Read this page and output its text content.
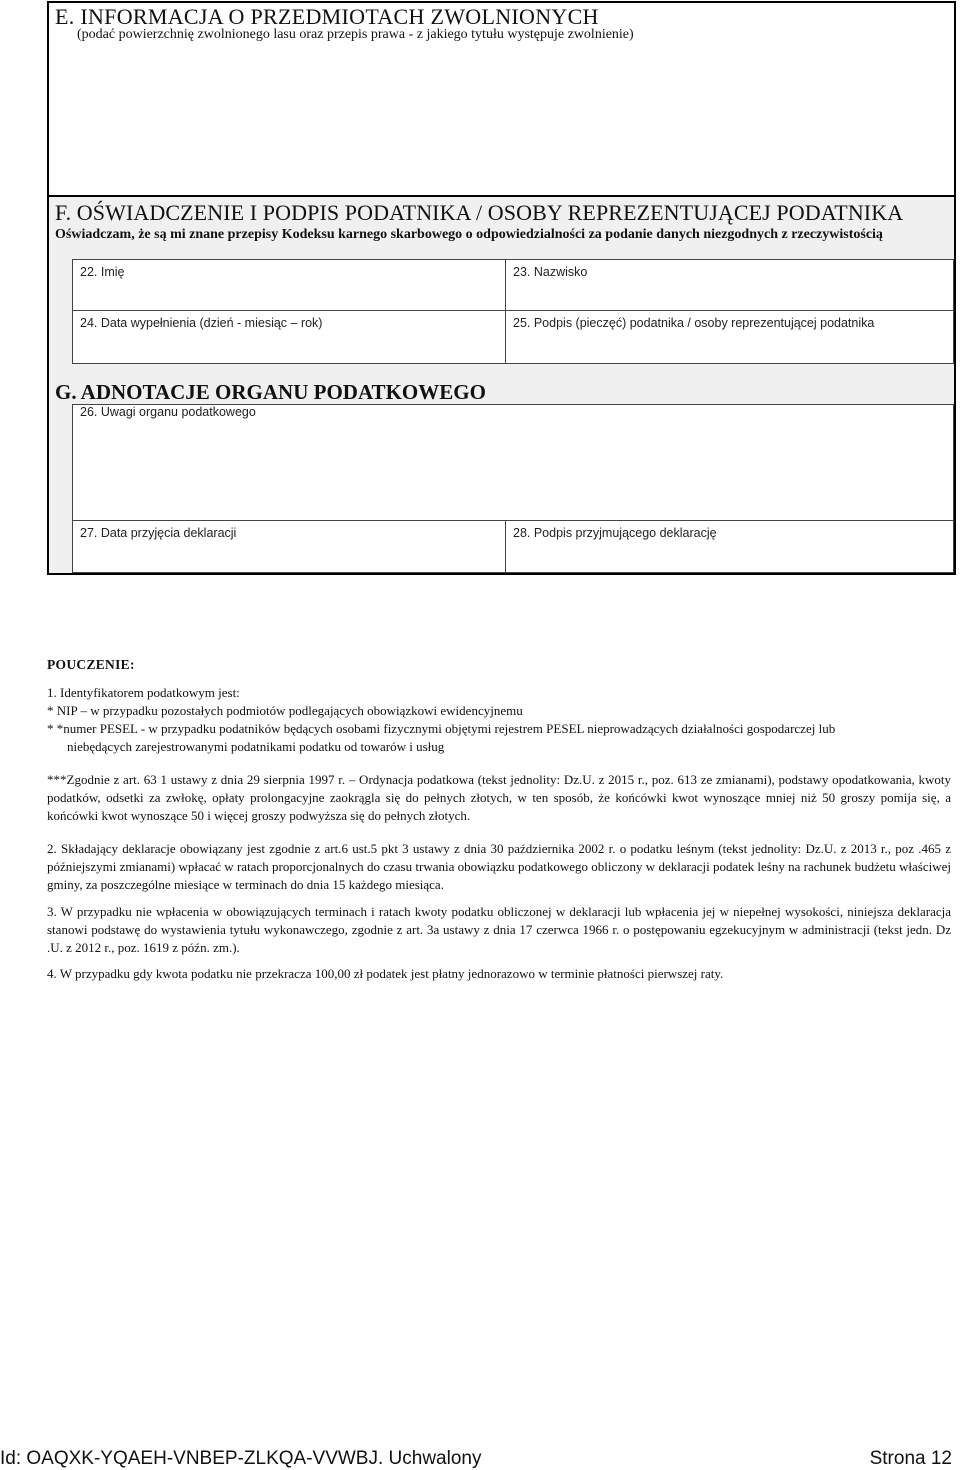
E. INFORMACJA O PRZEDMIOTACH ZWOLNIONYCH
(podać powierzchnię zwolnionego lasu oraz przepis prawa - z jakiego tytułu występuje zwolnienie)
F. OŚWIADCZENIE I PODPIS PODATNIKA / OSOBY REPREZENTUJĄCEJ PODATNIKA
Oświadczam, że są mi znane przepisy Kodeksu karnego skarbowego o odpowiedzialności za podanie danych niezgodnych z rzeczywistością
22. Imię	23. Nazwisko
24. Data wypełnienia (dzień - miesiąc – rok)	25. Podpis (pieczęć) podatnika / osoby reprezentującej podatnika
G. ADNOTACJE ORGANU PODATKOWEGO
26. Uwagi organu podatkowego
27. Data przyjęcia deklaracji	28. Podpis przyjmującego deklarację
POUCZENIE:
1. Identyfikatorem podatkowym jest:
* NIP – w przypadku pozostałych podmiotów podlegających obowiązkowi ewidencyjnemu
* *numer PESEL - w przypadku podatników będących osobami fizycznymi objętymi rejestrem PESEL nieprowadzących działalności gospodarczej lub
niebędących zarejestrowanymi podatnikami podatku od towarów i usług
***Zgodnie z art. 63 1 ustawy z dnia 29 sierpnia 1997 r. – Ordynacja podatkowa (tekst jednolity: Dz.U. z 2015 r., poz. 613 ze zmianami), podstawy opodatkowania, kwoty podatków, odsetki za zwłokę, opłaty prolongacyjne zaokrągla się do pełnych złotych, w ten sposób, że końcówki kwot wynoszące mniej niż 50 groszy pomija się, a końcówki kwot wynoszące 50 i więcej groszy podwyższa się do pełnych złotych.
2. Składający deklaracje obowiązany jest zgodnie z art.6 ust.5 pkt 3 ustawy z dnia 30 października 2002 r. o podatku leśnym (tekst jednolity: Dz.U. z 2013 r., poz .465 z późniejszymi zmianami) wpłacać w ratach proporcjonalnych do czasu trwania obowiązku podatkowego obliczony w deklaracji podatek leśny na rachunek budżetu właściwej gminy, za poszczególne miesiące w terminach do dnia 15 każdego miesiąca.
3. W przypadku nie wpłacenia w obowiązujących terminach i ratach kwoty podatku obliczonej w deklaracji lub wpłacenia jej w niepełnej wysokości, niniejsza deklaracja stanowi podstawę do wystawienia tytułu wykonawczego, zgodnie z art. 3a ustawy z dnia 17 czerwca 1966 r. o postępowaniu egzekucyjnym w administracji (tekst jedn. Dz .U. z 2012 r., poz. 1619 z późn. zm.).
4. W przypadku gdy kwota podatku nie przekracza 100,00 zł podatek jest płatny jednorazowo w terminie płatności pierwszej raty.
Id: OAQXK-YQAEH-VNBEP-ZLKQA-VVWBJ. Uchwalony	Strona 12
